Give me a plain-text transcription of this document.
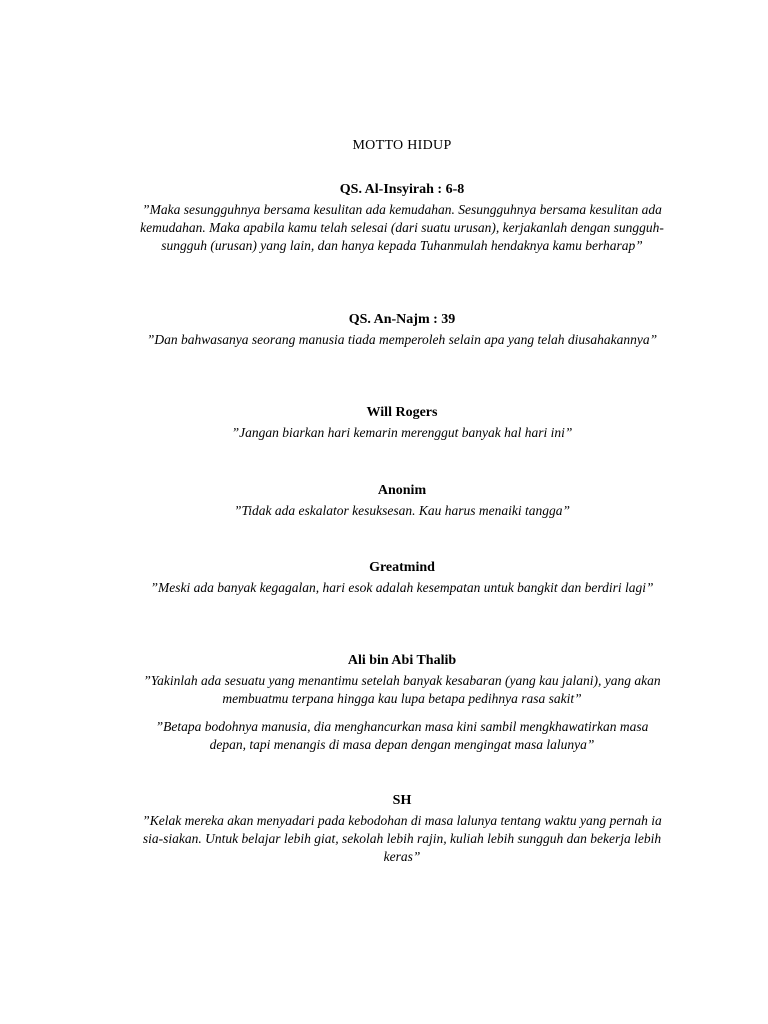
MOTTO HIDUP

QS. Al-Insyirah : 6-8

”Maka sesungguhnya bersama kesulitan ada kemudahan. Sesungguhnya bersama kesulitan ada kemudahan. Maka apabila kamu telah selesai (dari suatu urusan), kerjakanlah dengan sungguh-sungguh (urusan) yang lain, dan hanya kepada Tuhanmulah hendaknya kamu berharap”

QS. An-Najm : 39

”Dan bahwasanya seorang manusia tiada memperoleh selain apa yang telah diusahakannya”

Will Rogers

”Jangan biarkan hari kemarin merenggut banyak hal hari ini”

Anonim

”Tidak ada eskalator kesuksesan. Kau harus menaiki tangga”

Greatmind

”Meski ada banyak kegagalan, hari esok adalah kesempatan untuk bangkit dan berdiri lagi”

Ali bin Abi Thalib

”Yakinlah ada sesuatu yang menantimu setelah banyak kesabaran (yang kau jalani), yang akan membuatmu terpana hingga kau lupa betapa pedihnya rasa sakit”

”Betapa bodohnya manusia, dia menghancurkan masa kini sambil mengkhawatirkan masa depan, tapi menangis di masa depan dengan mengingat masa lalunya”

SH

”Kelak mereka akan menyadari pada kebodohan di masa lalunya tentang waktu yang pernah ia sia-siakan. Untuk belajar lebih giat, sekolah lebih rajin, kuliah lebih sungguh dan bekerja lebih keras”
